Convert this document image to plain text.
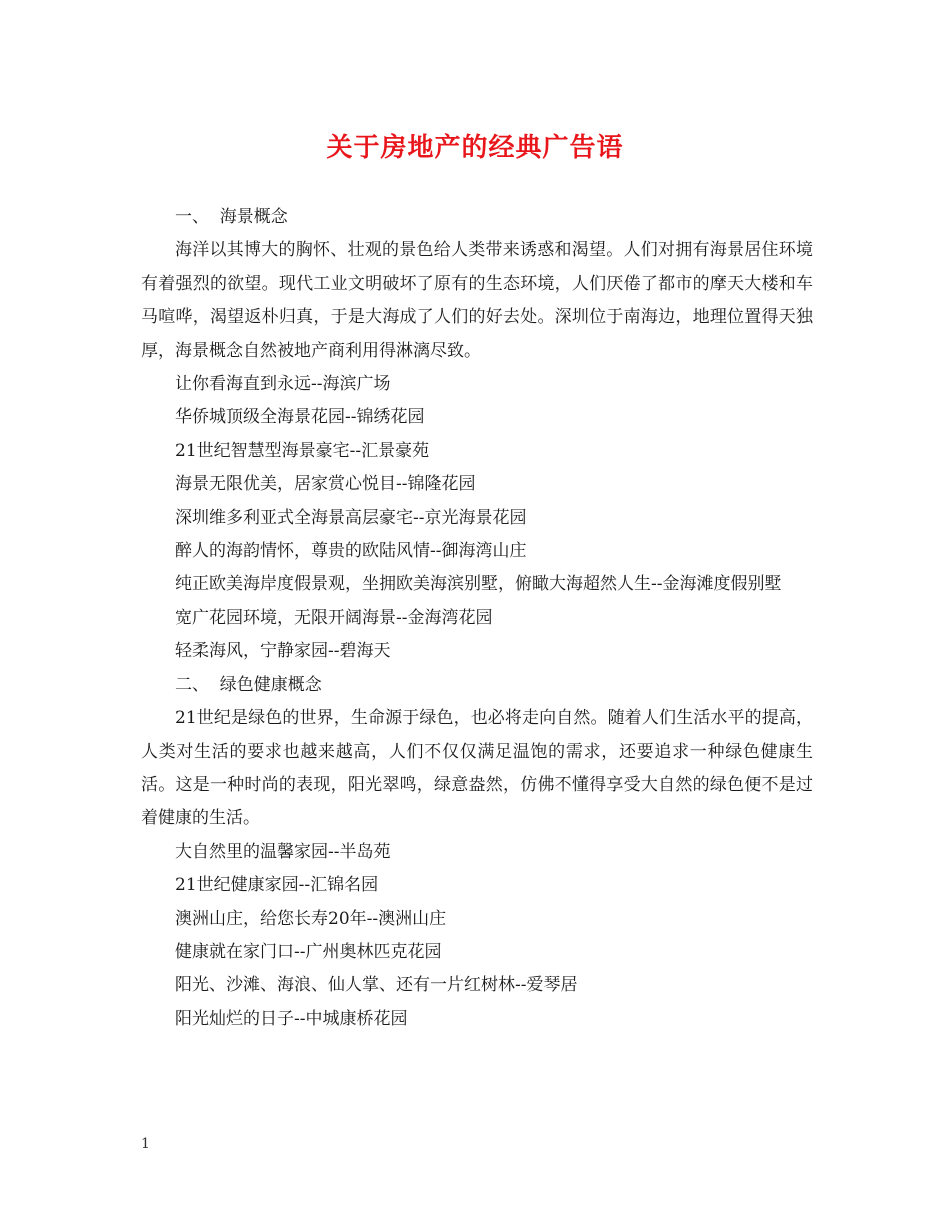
关于房地产的经典广告语

一、  海景概念

海洋以其博大的胸怀、壮观的景色给人类带来诱惑和渴望。人们对拥有海景居住环境有着强烈的欲望。现代工业文明破坏了原有的生态环境，人们厌倦了都市的摩天大楼和车马喧哗，渴望返朴归真，于是大海成了人们的好去处。深圳位于南海边，地理位置得天独厚，海景概念自然被地产商利用得淋漓尽致。

让你看海直到永远--海滨广场

华侨城顶级全海景花园--锦绣花园

21世纪智慧型海景豪宅--汇景豪苑

海景无限优美，居家赏心悦目--锦隆花园

深圳维多利亚式全海景高层豪宅--京光海景花园

醉人的海韵情怀，尊贵的欧陆风情--御海湾山庄

纯正欧美海岸度假景观，坐拥欧美海滨别墅，俯瞰大海超然人生--金海滩度假别墅

宽广花园环境，无限开阔海景--金海湾花园

轻柔海风，宁静家园--碧海天

二、  绿色健康概念

21世纪是绿色的世界，生命源于绿色，也必将走向自然。随着人们生活水平的提高，人类对生活的要求也越来越高，人们不仅仅满足温饱的需求，还要追求一种绿色健康生活。这是一种时尚的表现，阳光翠鸣，绿意盎然，仿佛不懂得享受大自然的绿色便不是过着健康的生活。

大自然里的温馨家园--半岛苑

21世纪健康家园--汇锦名园

澳洲山庄，给您长寿20年--澳洲山庄

健康就在家门口--广州奥林匹克花园

阳光、沙滩、海浪、仙人掌、还有一片红树林--爱琴居

阳光灿烂的日子--中城康桥花园

1
